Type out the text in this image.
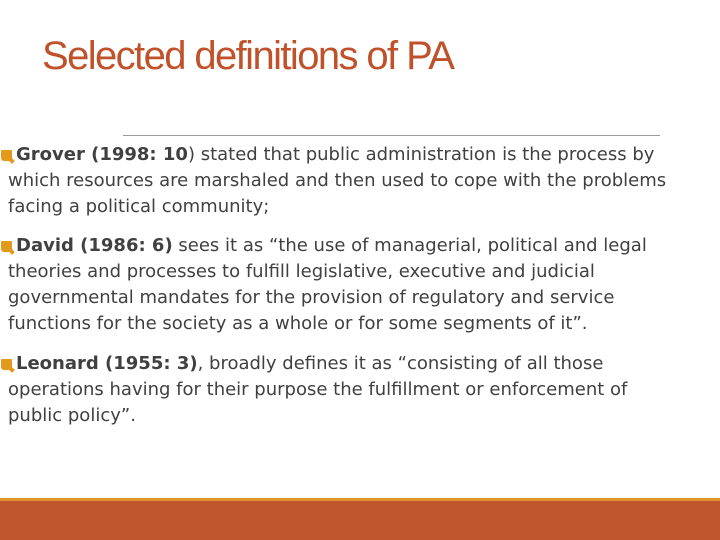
Selected definitions of PA
Grover (1998: 10) stated that public administration is the process by
which resources are marshaled and then used to cope with the problems
facing a political community;
David (1986: 6) sees it as “the use of managerial, political and legal
theories and processes to fulfill legislative, executive and judicial
governmental mandates for the provision of regulatory and service
functions for the society as a whole or for some segments of it”.
Leonard (1955: 3), broadly defines it as “consisting of all those
operations having for their purpose the fulfillment or enforcement of
public policy”.
